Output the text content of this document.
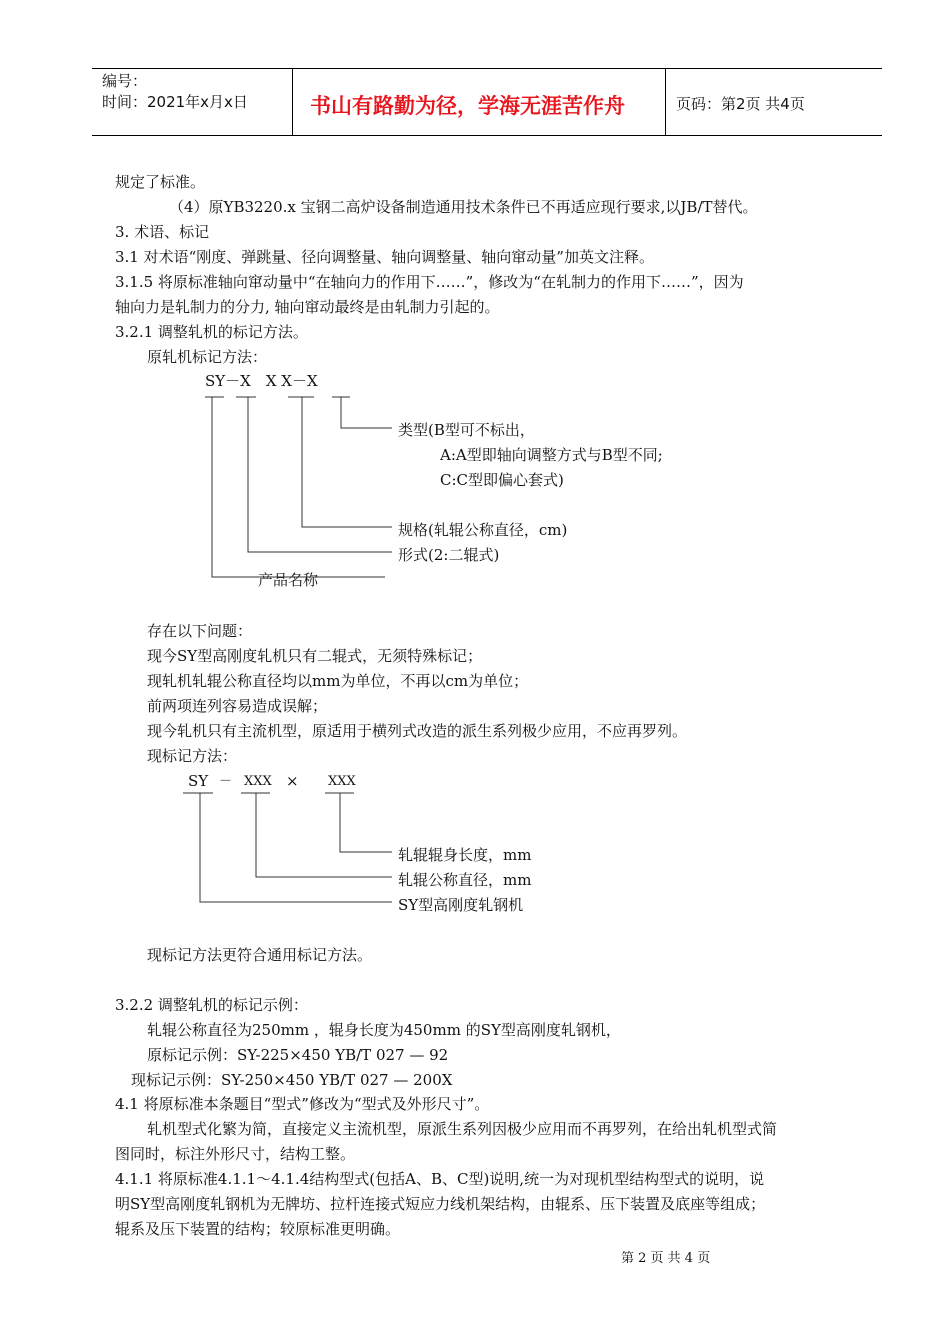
编号：
时间：2021年x月x日	书山有路勤为径，学海无涯苦作舟	页码：第2页 共4页
规定了标准。
（4）原YB3220.x 宝钢二高炉设备制造通用技术条件已不再适应现行要求,以JB/T替代。
3. 术语、标记
3.1 对术语“刚度、弹跳量、径向调整量、轴向调整量、轴向窜动量”加英文注释。
3.1.5 将原标准轴向窜动量中“在轴向力的作用下……”，修改为“在轧制力的作用下……”，因为
轴向力是轧制力的分力, 轴向窜动最终是由轧制力引起的。
3.2.1 调整轧机的标记方法。
原轧机标记方法：
SY－X　X X－X
类型(B型可不标出，
A:A型即轴向调整方式与B型不同;
C:C型即偏心套式)
规格(轧辊公称直径，cm)
形式(2:二辊式)
产品名称
存在以下问题：
现今SY型高刚度轧机只有二辊式，无须特殊标记；
现轧机轧辊公称直径均以mm为单位，不再以cm为单位；
前两项连列容易造成误解；
现今轧机只有主流机型，原适用于横列式改造的派生系列极少应用，不应再罗列。
现标记方法：
SY － XXX × XXX
轧辊辊身长度，mm
轧辊公称直径，mm
SY型高刚度轧钢机
现标记方法更符合通用标记方法。
3.2.2 调整轧机的标记示例：
轧辊公称直径为250mm ，辊身长度为450mm 的SY型高刚度轧钢机，
原标记示例：SY-225×450 YB/T 027 — 92
现标记示例：SY-250×450 YB/T 027 — 200X
4.1 将原标准本条题目“型式”修改为“型式及外形尺寸”。
轧机型式化繁为简，直接定义主流机型，原派生系列因极少应用而不再罗列，在给出轧机型式简
图同时，标注外形尺寸，结构工整。
4.1.1 将原标准4.1.1～4.1.4结构型式(包括A、B、C型)说明,统一为对现机型结构型式的说明，说
明SY型高刚度轧钢机为无牌坊、拉杆连接式短应力线机架结构，由辊系、压下装置及底座等组成；
辊系及压下装置的结构；较原标准更明确。
第 2 页 共 4 页
